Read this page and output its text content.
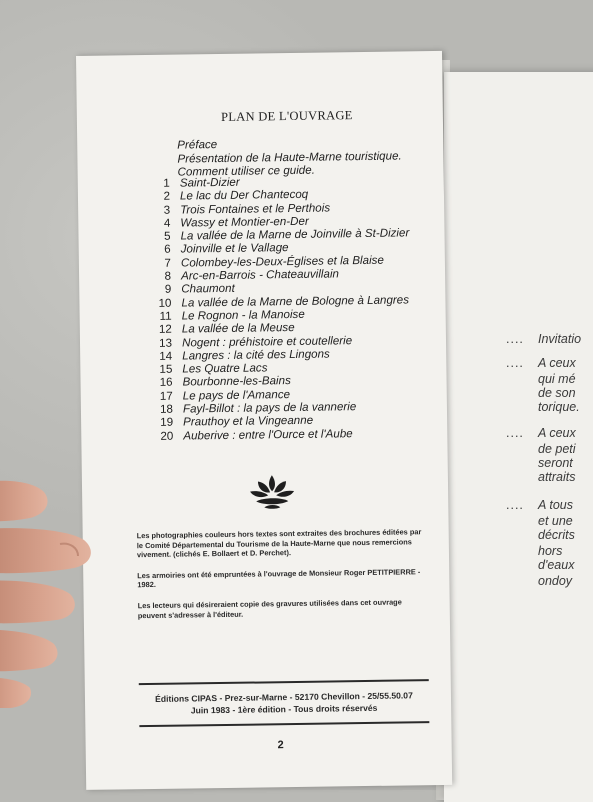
.... Invitatio
.... A ceux
qui mé
de son
torique.
.... A ceux
de peti
seront
attraits
.... A tous
et une
décrits
hors
d'eaux
ondoy
PLAN DE L'OUVRAGE
Préface
Présentation de la Haute-Marne touristique.
Comment utiliser ce guide.
1 Saint-Dizier
2 Le lac du Der Chantecoq
3 Trois Fontaines et le Perthois
4 Wassy et Montier-en-Der
5 La vallée de la Marne de Joinville à St-Dizier
6 Joinville et le Vallage
7 Colombey-les-Deux-Églises et la Blaise
8 Arc-en-Barrois - Chateauvillain
9 Chaumont
10 La vallée de la Marne de Bologne à Langres
11 Le Rognon - la Manoise
12 La vallée de la Meuse
13 Nogent : préhistoire et coutellerie
14 Langres : la cité des Lingons
15 Les Quatre Lacs
16 Bourbonne-les-Bains
17 Le pays de l'Amance
18 Fayl-Billot : la pays de la vannerie
19 Prauthoy et la Vingeanne
20 Auberive : entre l'Ource et l'Aube

Les photographies couleurs hors textes sont extraites des brochures éditées par le Comité Départemental du Tourisme de la Haute-Marne que nous remercions vivement. (clichés E. Bollaert et D. Perchet).

Les armoiries ont été empruntées à l'ouvrage de Monsieur Roger PETITPIERRE - 1982.

Les lecteurs qui désireraient copie des gravures utilisées dans cet ouvrage peuvent s'adresser à l'éditeur.

Éditions CIPAS - Prez-sur-Marne - 52170 Chevillon - 25/55.50.07
Juin 1983 - 1ère édition - Tous droits réservés
2
